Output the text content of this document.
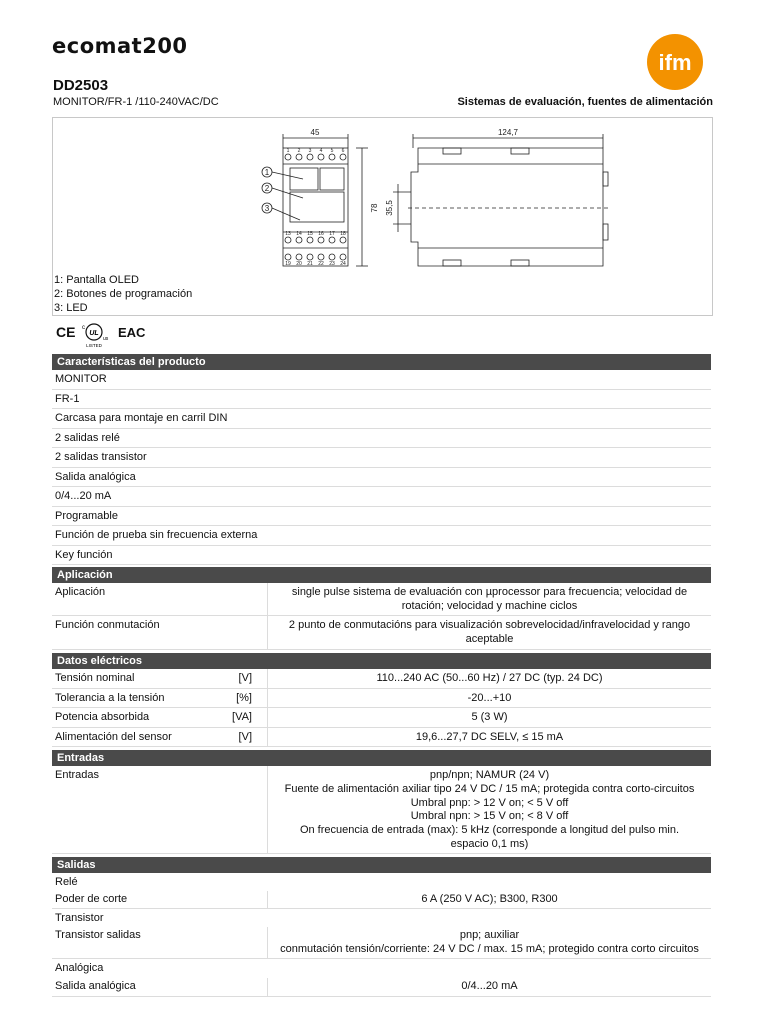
ecomat200
ifm
DD2503
MONITOR/FR-1 /110-240VAC/DC	Sistemas de evaluación, fuentes de alimentación
45	124,7
78 35,5
1
2
3
1 2 3 4 5 6
13 14 15 16 17 18
19 20 21 22 23 24
1: Pantalla OLED
2: Botones de programación
3: LED
CE UL
c
us
LISTED
EAC
Características del producto
MONITOR
FR-1
Carcasa para montaje en carril DIN
2 salidas relé
2 salidas transistor
Salida analógica
0/4...20 mA
Programable
Función de prueba sin frecuencia externa
Key función
Aplicación
Aplicación	single pulse sistema de evaluación con µprocessor para frecuencia; velocidad de
rotación; velocidad y machine ciclos
Función conmutación	2 punto de conmutacións para visualización sobrevelocidad/infravelocidad y rango
aceptable
Datos eléctricos
Tensión nominal	[V]	110...240 AC (50...60 Hz) / 27 DC (typ. 24 DC)
Tolerancia a la tensión	[%]	-20...+10
Potencia absorbida	[VA]	5 (3 W)
Alimentación del sensor	[V]	19,6...27,7 DC SELV, ≤ 15 mA
Entradas
Entradas	pnp/npn; NAMUR (24 V)
Fuente de alimentación axiliar tipo 24 V DC / 15 mA; protegida contra corto-circuitos
Umbral pnp: > 12 V on; < 5 V off
Umbral npn: > 15 V on; < 8 V off
On frecuencia de entrada (max): 5 kHz (corresponde a longitud del pulso min.
espacio 0,1 ms)
Salidas
Relé
Poder de corte	6 A (250 V AC); B300, R300
Transistor
Transistor salidas	pnp; auxiliar
conmutación tensión/corriente: 24 V DC / max. 15 mA; protegido contra corto circuitos
Analógica
Salida analógica	0/4...20 mA
